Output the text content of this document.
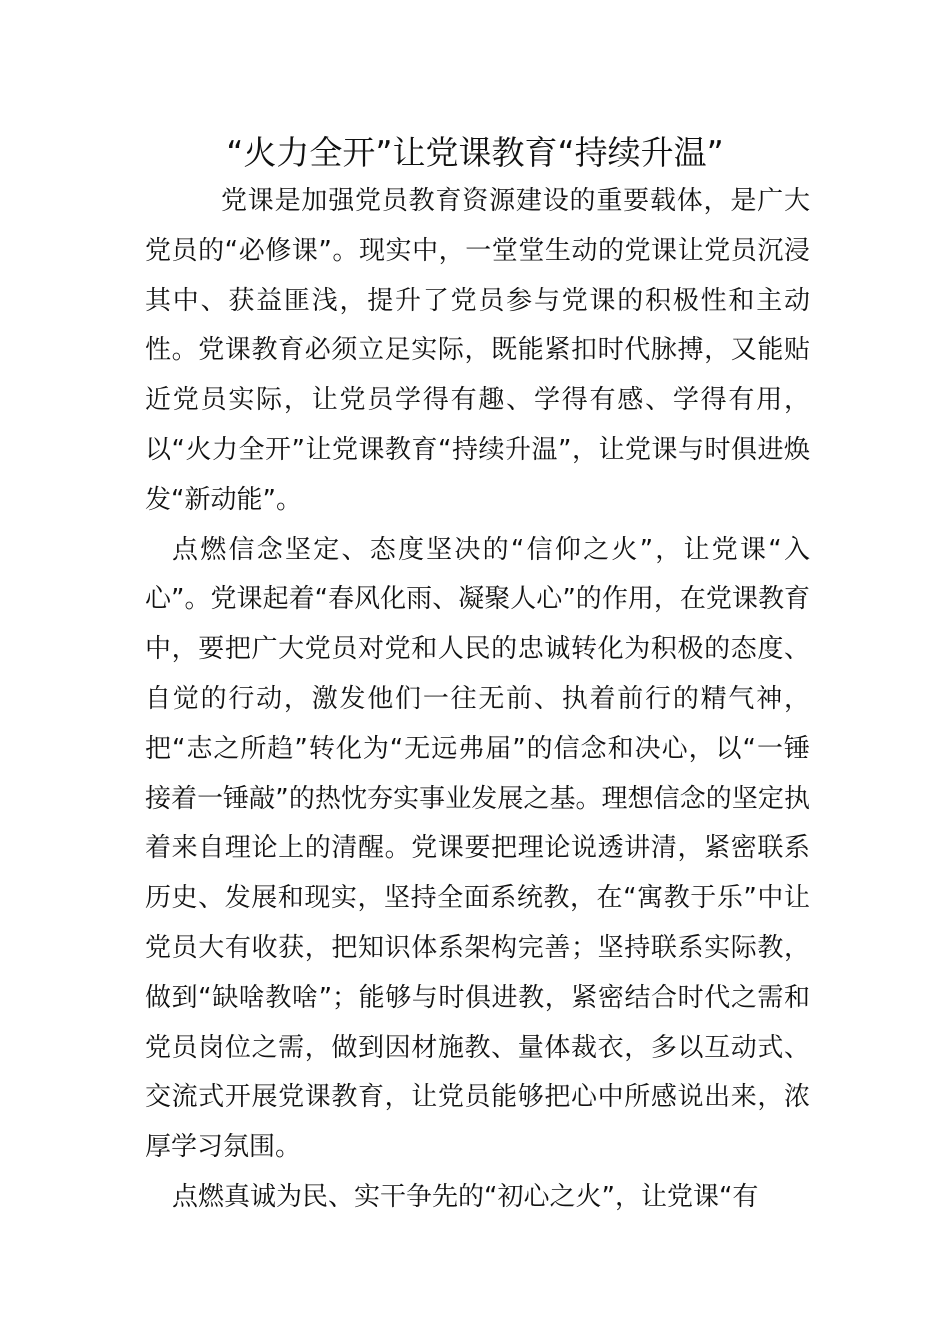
“火力全开”让党课教育“持续升温”

党课是加强党员教育资源建设的重要载体，是广大党员的“必修课”。现实中，一堂堂生动的党课让党员沉浸其中、获益匪浅，提升了党员参与党课的积极性和主动性。党课教育必须立足实际，既能紧扣时代脉搏，又能贴近党员实际，让党员学得有趣、学得有感、学得有用，以“火力全开”让党课教育“持续升温”，让党课与时俱进焕发“新动能”。

点燃信念坚定、态度坚决的“信仰之火”，让党课“入心”。党课起着“春风化雨、凝聚人心”的作用，在党课教育中，要把广大党员对党和人民的忠诚转化为积极的态度、自觉的行动，激发他们一往无前、执着前行的精气神，把“志之所趋”转化为“无远弗届”的信念和决心，以“一锤接着一锤敲”的热忱夯实事业发展之基。理想信念的坚定执着来自理论上的清醒。党课要把理论说透讲清，紧密联系历史、发展和现实，坚持全面系统教，在“寓教于乐”中让党员大有收获，把知识体系架构完善；坚持联系实际教，做到“缺啥教啥”；能够与时俱进教，紧密结合时代之需和党员岗位之需，做到因材施教、量体裁衣，多以互动式、交流式开展党课教育，让党员能够把心中所感说出来，浓厚学习氛围。

点燃真诚为民、实干争先的“初心之火”，让党课“有
